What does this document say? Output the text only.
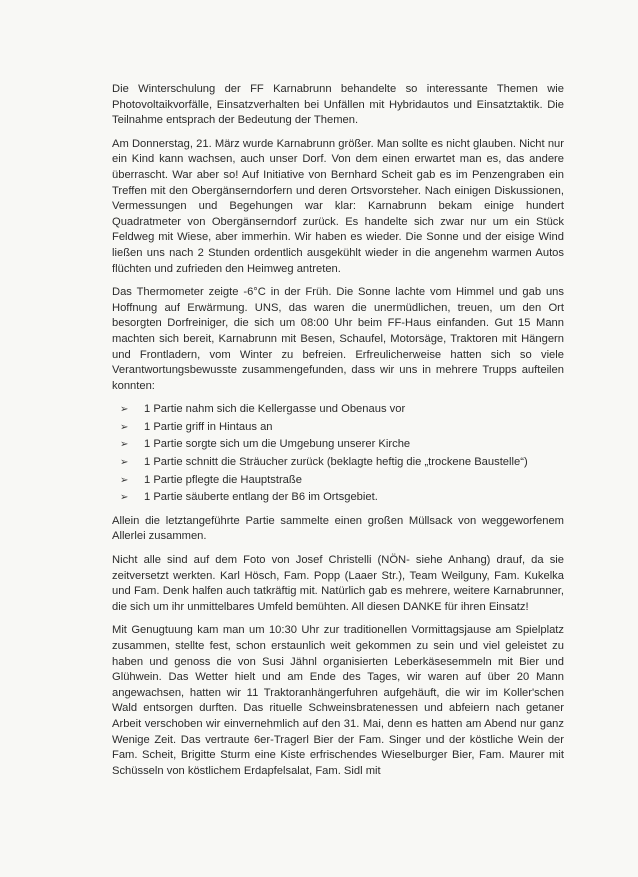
Die Winterschulung der FF Karnabrunn behandelte so interessante Themen wie Photovoltaikvorfälle, Einsatzverhalten bei Unfällen mit Hybridautos und Einsatztaktik. Die Teilnahme entsprach der Bedeutung der Themen.

Am Donnerstag, 21. März wurde Karnabrunn größer. Man sollte es nicht glauben. Nicht nur ein Kind kann wachsen, auch unser Dorf. Von dem einen erwartet man es, das andere überrascht. War aber so! Auf Initiative von Bernhard Scheit gab es im Penzengraben ein Treffen mit den Obergänserndorfern und deren Ortsvorsteher. Nach einigen Diskussionen, Vermessungen und Begehungen war klar: Karnabrunn bekam einige hundert Quadratmeter von Obergänserndorf zurück. Es handelte sich zwar nur um ein Stück Feldweg mit Wiese, aber immerhin. Wir haben es wieder. Die Sonne und der eisige Wind ließen uns nach 2 Stunden ordentlich ausgekühlt wieder in die angenehm warmen Autos flüchten und zufrieden den Heimweg antreten.

Das Thermometer zeigte -6°C in der Früh. Die Sonne lachte vom Himmel und gab uns Hoffnung auf Erwärmung. UNS, das waren die unermüdlichen, treuen, um den Ort besorgten Dorfreiniger, die sich um 08:00 Uhr beim FF-Haus einfanden. Gut 15 Mann machten sich bereit, Karnabrunn mit Besen, Schaufel, Motorsäge, Traktoren mit Hängern und Frontladern, vom Winter zu befreien. Erfreulicherweise hatten sich so viele Verantwortungsbewusste zusammengefunden, dass wir uns in mehrere Trupps aufteilen konnten:

➢ 1 Partie nahm sich die Kellergasse und Obenaus vor
➢ 1 Partie griff in Hintaus an
➢ 1 Partie sorgte sich um die Umgebung unserer Kirche
➢ 1 Partie schnitt die Sträucher zurück (beklagte heftig die „trockene Baustelle“)
➢ 1 Partie pflegte die Hauptstraße
➢ 1 Partie säuberte entlang der B6 im Ortsgebiet.

Allein die letztangeführte Partie sammelte einen großen Müllsack von weggeworfenem Allerlei zusammen.

Nicht alle sind auf dem Foto von Josef Christelli (NÖN- siehe Anhang) drauf, da sie zeitversetzt werkten. Karl Hösch, Fam. Popp (Laaer Str.), Team Weilguny, Fam. Kukelka und Fam. Denk halfen auch tatkräftig mit. Natürlich gab es mehrere, weitere Karnabrunner, die sich um ihr unmittelbares Umfeld bemühten. All diesen DANKE für ihren Einsatz!

Mit Genugtuung kam man um 10:30 Uhr zur traditionellen Vormittagsjause am Spielplatz zusammen, stellte fest, schon erstaunlich weit gekommen zu sein und viel geleistet zu haben und genoss die von Susi Jähnl organisierten Leberkäsesemmeln mit Bier und Glühwein. Das Wetter hielt und am Ende des Tages, wir waren auf über 20 Mann angewachsen, hatten wir 11 Traktoranhängerfuhren aufgehäuft, die wir im Koller'schen Wald entsorgen durften. Das rituelle Schweinsbratenessen und abfeiern nach getaner Arbeit verschoben wir einvernehmlich auf den 31. Mai, denn es hatten am Abend nur ganz Wenige Zeit. Das vertraute 6er-Tragerl Bier der Fam. Singer und der köstliche Wein der Fam. Scheit, Brigitte Sturm eine Kiste erfrischendes Wieselburger Bier, Fam. Maurer mit Schüsseln von köstlichem Erdapfelsalat, Fam. Sidl mit
